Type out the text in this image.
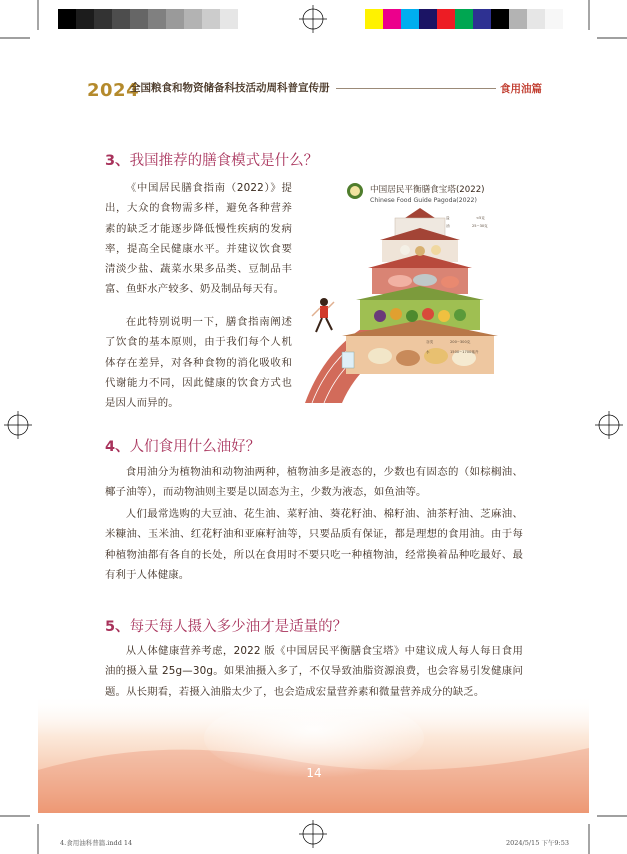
2024
全国粮食和物资储备科技活动周科普宣传册	食用油篇
3、我国推荐的膳食模式是什么？
《中国居民膳食指南（2022）》提出，大众的食物需多样，避免各种营养素的缺乏才能逐步降低慢性疾病的发病率，提高全民健康水平。并建议饮食要清淡少盐、蔬菜水果多品类、豆制品丰富、鱼虾水产较多、奶及制品每天有。
在此特别说明一下，膳食指南阐述了饮食的基本原则，由于我们每个人机体存在差异，对各种食物的消化吸收和代谢能力不同，因此健康的饮食方式也是因人而异的。
中国居民平衡膳食宝塔(2022)
Chinese Food Guide Pagoda(2022)
盐	<5克
油	25~30克
谷类	200~300克
水	1500~1700毫升
4、人们食用什么油好？
食用油分为植物油和动物油两种，植物油多是液态的，少数也有固态的（如棕榈油、椰子油等），而动物油则主要是以固态为主，少数为液态，如鱼油等。
人们最常选购的大豆油、花生油、菜籽油、葵花籽油、棉籽油、油茶籽油、芝麻油、米糠油、玉米油、红花籽油和亚麻籽油等，只要品质有保证，都是理想的食用油。由于每种植物油都有各自的长处，所以在食用时不要只吃一种植物油，经常换着品种吃最好、最有利于人体健康。
5、每天每人摄入多少油才是适量的？
从人体健康营养考虑，2022 版《中国居民平衡膳食宝塔》中建议成人每人每日食用油的摄入量 25g—30g。如果油摄入多了，不仅导致油脂资源浪费，也会容易引发健康问题。从长期看，若摄入油脂太少了，也会造成宏量营养素和微量营养成分的缺乏。
14
4.食用油科普篇.indd 14	2024/5/15 下午9:53
